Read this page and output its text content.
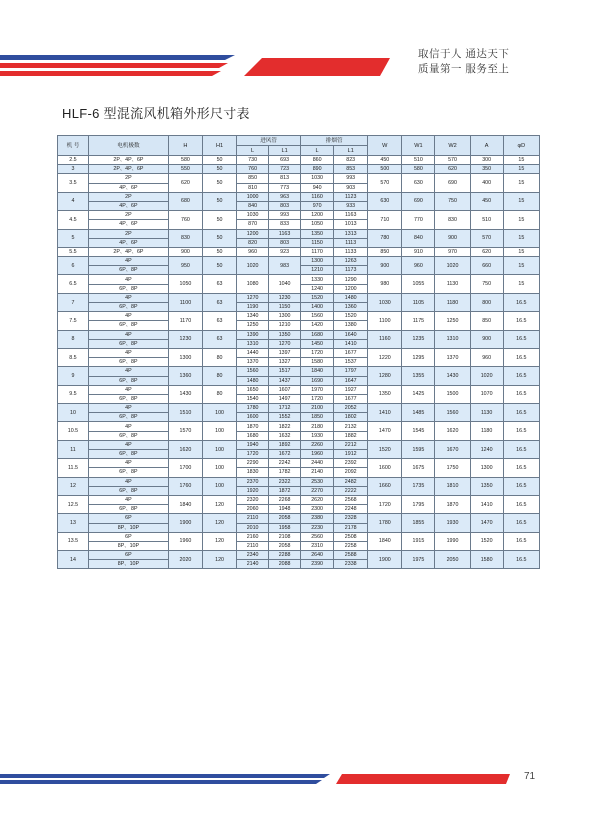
取信于人 通达天下
质量第一 服务至上
HLF-6 型混流风机箱外形尺寸表
机 号	电机极数	H	H1	进风管		排烟管		W	W1	W2	A	φD
				L	L1	L	L1					
2.5	2P、4P、6P	580	50	730	693	860	823	450	510	570	300	15
3	2P、4P、6P	550	50	760	723	890	853	500	580	620	350	15
3.5	2P	620	50	850	813	1030	993	570	630	690	400	15
	4P、6P			810	773	940	903					
4	2P	680	50	1000	963	1160	1123	630	690	750	450	15
	4P、6P			840	803	970	933					
4.5	2P	760	50	1030	993	1200	1163	710	770	830	510	15
	4P、6P			870	833	1050	1013					
5	2P	830	50	1200	1163	1350	1313	780	840	900	570	15
	4P、6P			820	803	1150	1113					
5.5	2P、4P、6P	900	50	960	923	1170	1133	850	910	970	620	15
6	4P	950	50	1020	983	1300	1263	900	960	1020	660	15
	6P、8P					1210	1173					
6.5	4P	1050	63	1080	1040	1330	1290	980	1055	1130	750	15
	6P、8P					1240	1200					
7	4P	1100	63	1270	1230	1520	1480	1030	1105	1180	800	16.5
	6P、8P			1190	1150	1400	1360					
7.5	4P	1170	63	1340	1300	1560	1520	1100	1175	1250	850	16.5
	6P、8P			1250	1210	1420	1380					
8	4P	1230	63	1390	1350	1680	1640	1160	1235	1310	900	16.5
	6P、8P			1310	1270	1450	1410					
8.5	4P	1300	80	1440	1397	1720	1677	1220	1295	1370	960	16.5
	6P、8P			1370	1327	1580	1537					
9	4P	1360	80	1560	1517	1840	1797	1280	1355	1430	1020	16.5
	6P、8P			1480	1437	1690	1647					
9.5	4P	1430	80	1650	1607	1970	1927	1350	1425	1500	1070	16.5
	6P、8P			1540	1497	1720	1677					
10	4P	1510	100	1780	1712	2100	2052	1410	1485	1560	1130	16.5
	6P、8P			1600	1552	1850	1802					
10.5	4P	1570	100	1870	1822	2180	2132	1470	1545	1620	1180	16.5
	6P、8P			1680	1632	1930	1882					
11	4P	1620	100	1940	1892	2260	2212	1520	1595	1670	1240	16.5
	6P、8P			1720	1672	1960	1912					
11.5	4P	1700	100	2290	2242	2440	2392	1600	1675	1750	1300	16.5
	6P、8P			1830	1782	2140	2092					
12	4P	1760	100	2370	2322	2530	2482	1660	1735	1810	1350	16.5
	6P、8P			1920	1872	2270	2222					
12.5	4P	1840	120	2320	2268	2620	2568	1720	1795	1870	1410	16.5
	6P、8P			2060	1948	2300	2248					
13	6P	1900	120	2110	2058	2380	2328	1780	1855	1930	1470	16.5
	8P、10P			2010	1958	2230	2178					
13.5	6P	1960	120	2160	2108	2560	2508	1840	1915	1990	1520	16.5
	8P、10P			2110	2058	2310	2258					
14	6P	2020	120	2340	2288	2640	2588	1900	1975	2050	1580	16.5
	8P、10P			2140	2088	2390	2338					
71
